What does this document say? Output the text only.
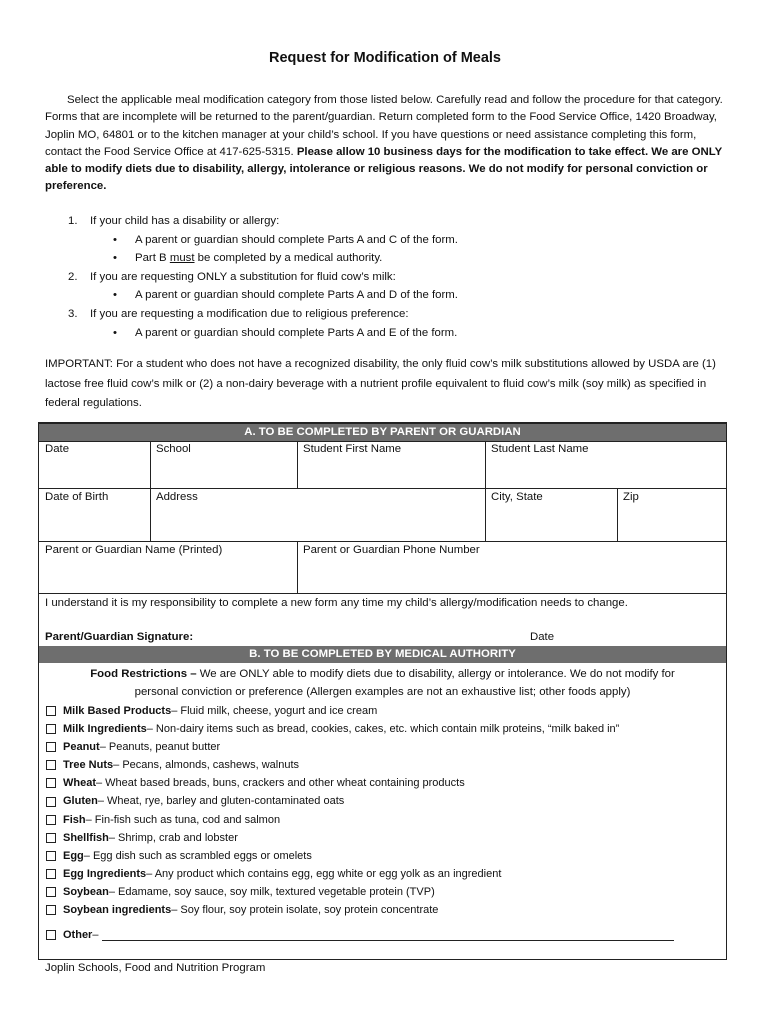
Request for Modification of Meals
Select the applicable meal modification category from those listed below. Carefully read and follow the procedure for that category. Forms that are incomplete will be returned to the parent/guardian. Return completed form to the Food Service Office, 1420 Broadway, Joplin MO, 64801 or to the kitchen manager at your child’s school. If you have questions or need assistance completing this form, contact the Food Service Office at 417-625-5315. Please allow 10 business days for the modification to take effect. We are ONLY able to modify diets due to disability, allergy, intolerance or religious reasons. We do not modify for personal conviction or preference.
1.	If your child has a disability or allergy:
•	A parent or guardian should complete Parts A and C of the form.
•	Part B must be completed by a medical authority.
2.	If you are requesting ONLY a substitution for fluid cow’s milk:
•	A parent or guardian should complete Parts A and D of the form.
3.	If you are requesting a modification due to religious preference:
•	A parent or guardian should complete Parts A and E of the form.
IMPORTANT: For a student who does not have a recognized disability, the only fluid cow’s milk substitutions allowed by USDA are (1) lactose free fluid cow’s milk or (2) a non-dairy beverage with a nutrient profile equivalent to fluid cow’s milk (soy milk) as specified in federal regulations.
A. TO BE COMPLETED BY PARENT OR GUARDIAN
Date	School	Student First Name	Student Last Name
Date of Birth	Address	City, State	Zip
Parent or Guardian Name (Printed)	Parent or Guardian Phone Number
I understand it is my responsibility to complete a new form any time my child’s allergy/modification needs to change.
Parent/Guardian Signature:	Date
B. TO BE COMPLETED BY MEDICAL AUTHORITY
Food Restrictions – We are ONLY able to modify diets due to disability, allergy or intolerance. We do not modify for
personal conviction or preference (Allergen examples are not an exhaustive list; other foods apply)
Milk Based Products – Fluid milk, cheese, yogurt and ice cream
Milk Ingredients – Non-dairy items such as bread, cookies, cakes, etc. which contain milk proteins, “milk baked in”
Peanut – Peanuts, peanut butter
Tree Nuts – Pecans, almonds, cashews, walnuts
Wheat – Wheat based breads, buns, crackers and other wheat containing products
Gluten – Wheat, rye, barley and gluten-contaminated oats
Fish – Fin-fish such as tuna, cod and salmon
Shellfish – Shrimp, crab and lobster
Egg – Egg dish such as scrambled eggs or omelets
Egg Ingredients – Any product which contains egg, egg white or egg yolk as an ingredient
Soybean – Edamame, soy sauce, soy milk, textured vegetable protein (TVP)
Soybean ingredients – Soy flour, soy protein isolate, soy protein concentrate
Other –
Joplin Schools, Food and Nutrition Program
